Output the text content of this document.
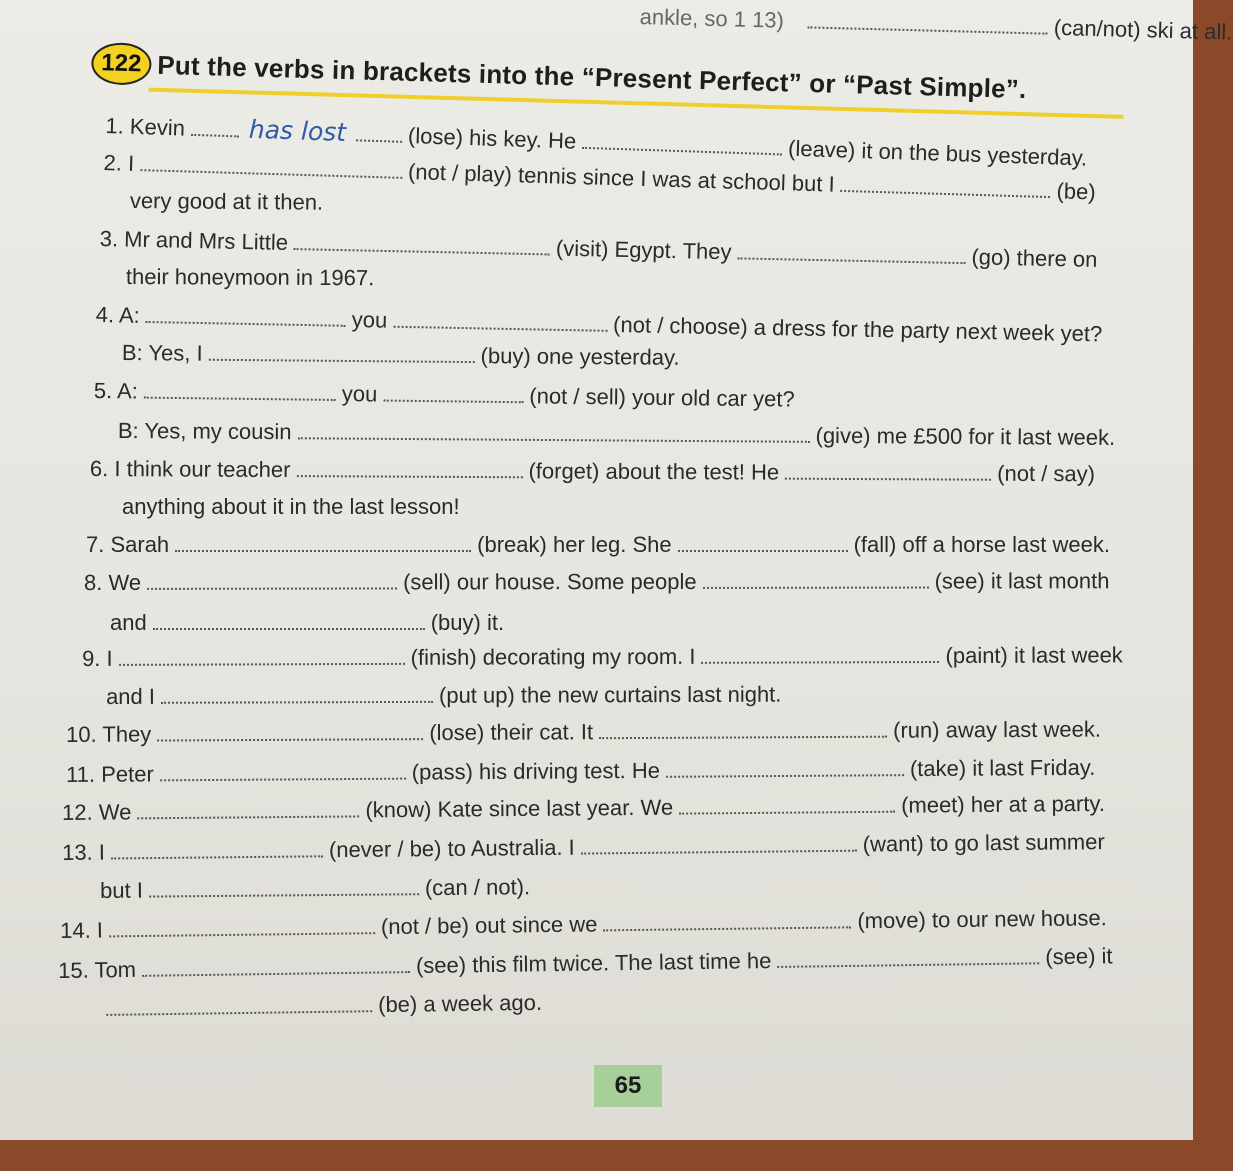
ankle, so 1 13)	(can/not) ski at all.
122 Put the verbs in brackets into the “Present Perfect” or “Past Simple”.
1. Kevin	has lost	(lose) his key. He	(leave) it on the bus yesterday.
2. I	(not / play) tennis since I was at school but I	(be)
very good at it then.
3. Mr and Mrs Little	(visit) Egypt. They	(go) there on
their honeymoon in 1967.
4. A:	you	(not / choose) a dress for the party next week yet?
B: Yes, I	(buy) one yesterday.
5. A:	you	(not / sell) your old car yet?
B: Yes, my cousin	(give) me £500 for it last week.
6. I think our teacher	(forget) about the test! He	(not / say)
anything about it in the last lesson!
7. Sarah	(break) her leg. She	(fall) off a horse last week.
8. We	(sell) our house. Some people	(see) it last month
and	(buy) it.
9. I	(finish) decorating my room. I	(paint) it last week
and I	(put up) the new curtains last night.
10. They	(lose) their cat. It	(run) away last week.
11. Peter	(pass) his driving test. He	(take) it last Friday.
12. We	(know) Kate since last year. We	(meet) her at a party.
13. I	(never / be) to Australia. I	(want) to go last summer
but I	(can / not).
14. I	(not / be) out since we	(move) to our new house.
15. Tom	(see) this film twice. The last time he	(see) it
(be) a week ago.
65
